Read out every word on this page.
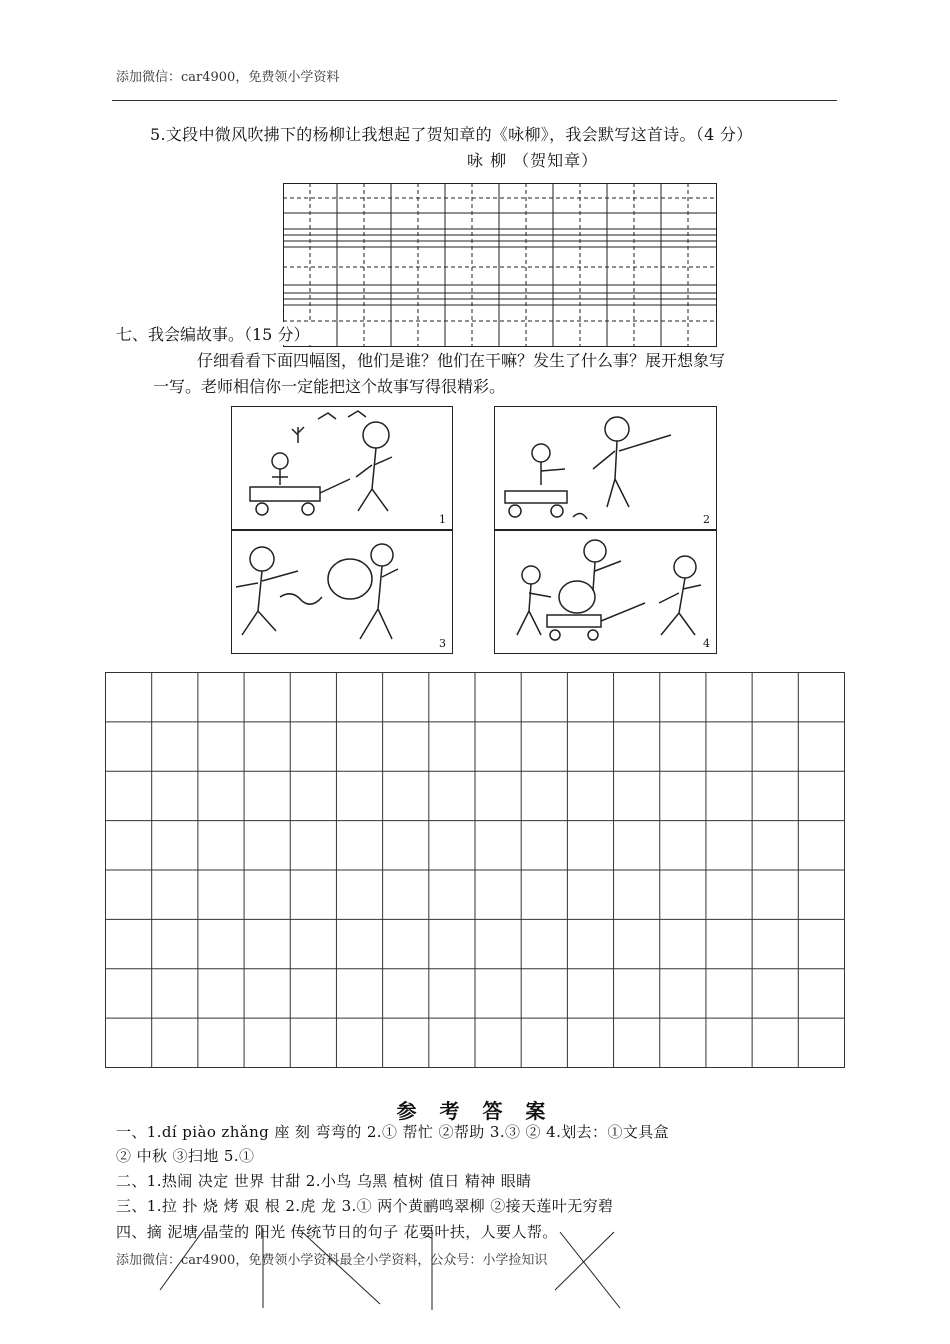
添加微信：car4900，免费领小学资料
5.文段中微风吹拂下的杨柳让我想起了贺知章的《咏柳》，我会默写这首诗。（4 分）
咏 柳 （贺知章）
七、我会编故事。（15 分）
仔细看看下面四幅图，他们是谁？他们在干嘛？发生了什么事？展开想象写
一写。老师相信你一定能把这个故事写得很精彩。
1	2
3	4
参 考 答 案
一、1.dí piào zhǎng 座 刻 弯弯的 2.① 帮忙 ②帮助 3.③ ② 4.划去：①文具盒
② 中秋 ③扫地 5.①
二、1.热闹 决定 世界 甘甜 2.小鸟 乌黑 植树 值日 精神 眼睛
三、1.拉 扑 烧 烤 艰 根 2.虎 龙 3.① 两个黄鹂鸣翠柳 ②接天莲叶无穷碧
四、摘 泥塘 晶莹的 阳光 传统节日的句子 花要叶扶，人要人帮。
添加微信：car4900，免费领小学资料最全小学资料，公众号：小学捡知识
